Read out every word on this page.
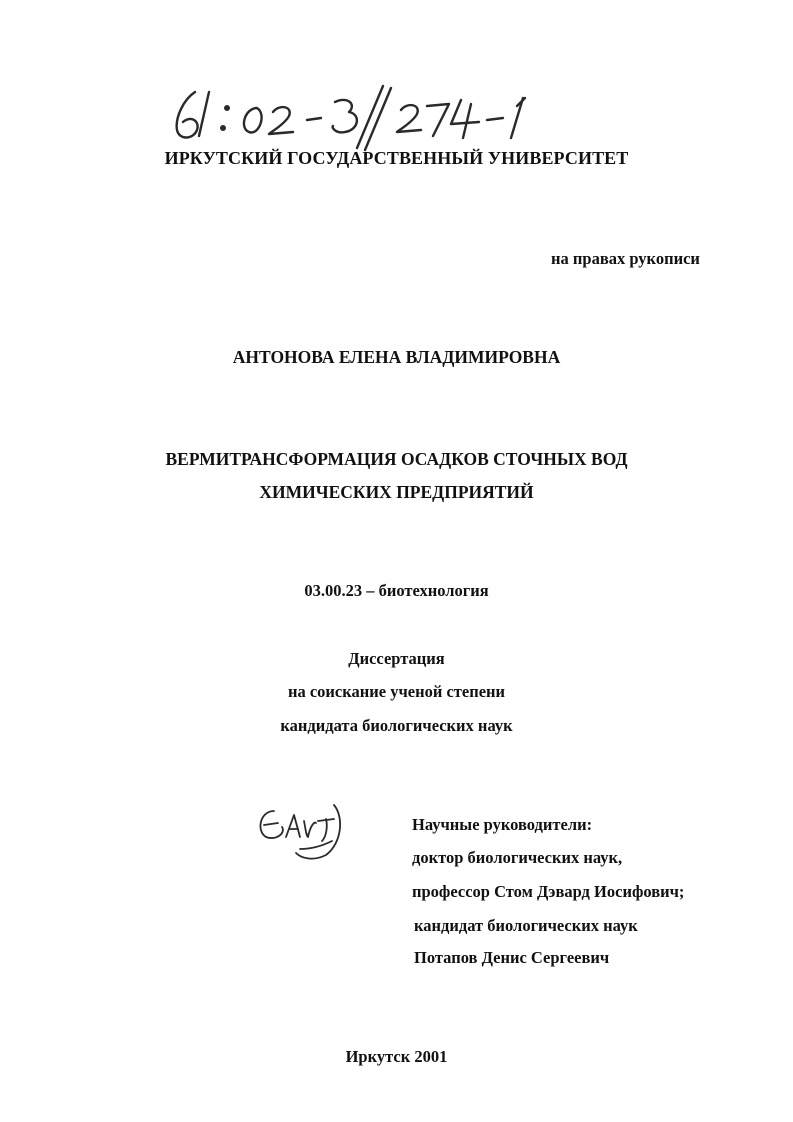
ИРКУТСКИЙ ГОСУДАРСТВЕННЫЙ УНИВЕРСИТЕТ
на правах рукописи
АНТОНОВА ЕЛЕНА ВЛАДИМИРОВНА
ВЕРМИТРАНСФОРМАЦИЯ ОСАДКОВ СТОЧНЫХ ВОД
ХИМИЧЕСКИХ ПРЕДПРИЯТИЙ
03.00.23 – биотехнология
Диссертация
на соискание ученой степени
кандидата биологических наук
Научные руководители:
доктор биологических наук,
профессор Стом Дэвард Иосифович;
кандидат биологических наук
Потапов Денис Сергеевич
Иркутск 2001
